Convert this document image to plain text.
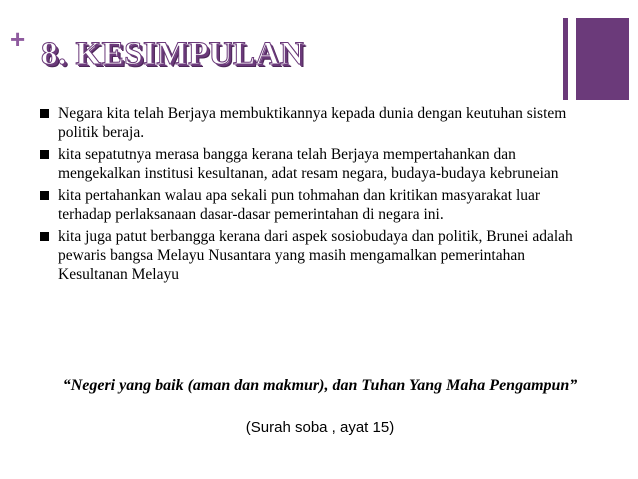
+ 8. KESIMPULAN
Negara kita telah Berjaya membuktikannya kepada dunia dengan keutuhan sistem politik beraja.
kita sepatutnya merasa bangga kerana telah Berjaya mempertahankan dan mengekalkan institusi kesultanan, adat resam negara, budaya-budaya kebruneian
kita pertahankan walau apa sekali pun tohmahan dan kritikan masyarakat luar terhadap perlaksanaan dasar-dasar pemerintahan di negara ini.
kita juga patut berbangga kerana dari aspek sosiobudaya dan politik, Brunei adalah pewaris bangsa Melayu Nusantara yang masih mengamalkan pemerintahan Kesultanan Melayu
“Negeri yang baik (aman dan makmur), dan Tuhan Yang Maha Pengampun”
(Surah soba , ayat 15)
